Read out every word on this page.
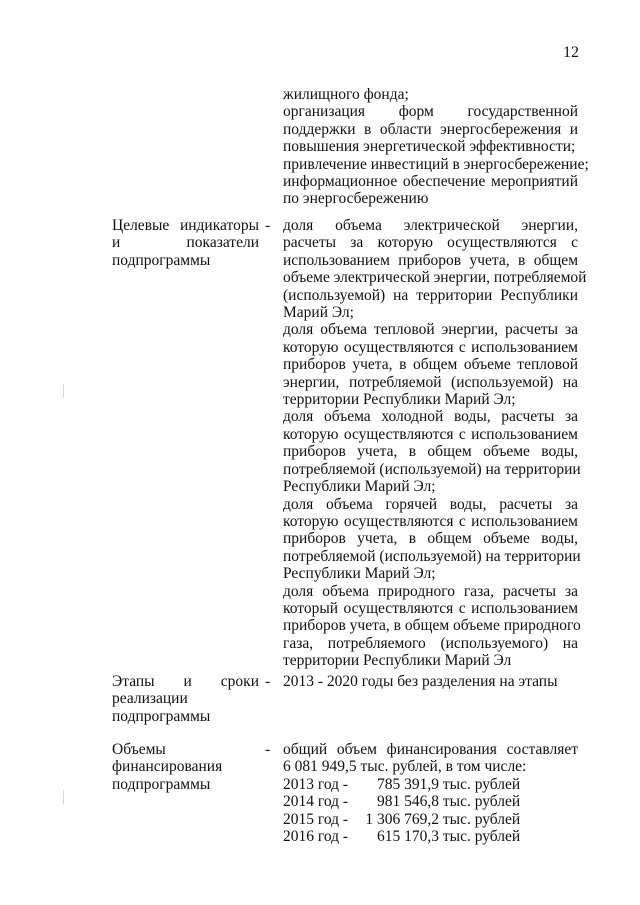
12
жилищного фонда;
организация форм государственной
поддержки в области энергосбережения и
повышения энергетической эффективности;
привлечение инвестиций в энергосбережение;
информационное обеспечение мероприятий
по энергосбережению
Целевые индикаторы
и показатели
подпрограммы
- доля объема электрической энергии,
расчеты за которую осуществляются с
использованием приборов учета, в общем
объеме электрической энергии, потребляемой
(используемой) на территории Республики
Марий Эл;
доля объема тепловой энергии, расчеты за
которую осуществляются с использованием
приборов учета, в общем объеме тепловой
энергии, потребляемой (используемой) на
территории Республики Марий Эл;
доля объема холодной воды, расчеты за
которую осуществляются с использованием
приборов учета, в общем объеме воды,
потребляемой (используемой) на территории
Республики Марий Эл;
доля объема горячей воды, расчеты за
которую осуществляются с использованием
приборов учета, в общем объеме воды,
потребляемой (используемой) на территории
Республики Марий Эл;
доля объема природного газа, расчеты за
который осуществляются с использованием
приборов учета, в общем объеме природного
газа, потребляемого (используемого) на
территории Республики Марий Эл
Этапы и сроки
реализации
подпрограммы
- 2013 - 2020 годы без разделения на этапы
Объемы
финансирования
подпрограммы
- общий объем финансирования составляет
6 081 949,5 тыс. рублей, в том числе:
2013 год - 785 391,9 тыс. рублей
2014 год - 981 546,8 тыс. рублей
2015 год - 1 306 769,2 тыс. рублей
2016 год - 615 170,3 тыс. рублей
